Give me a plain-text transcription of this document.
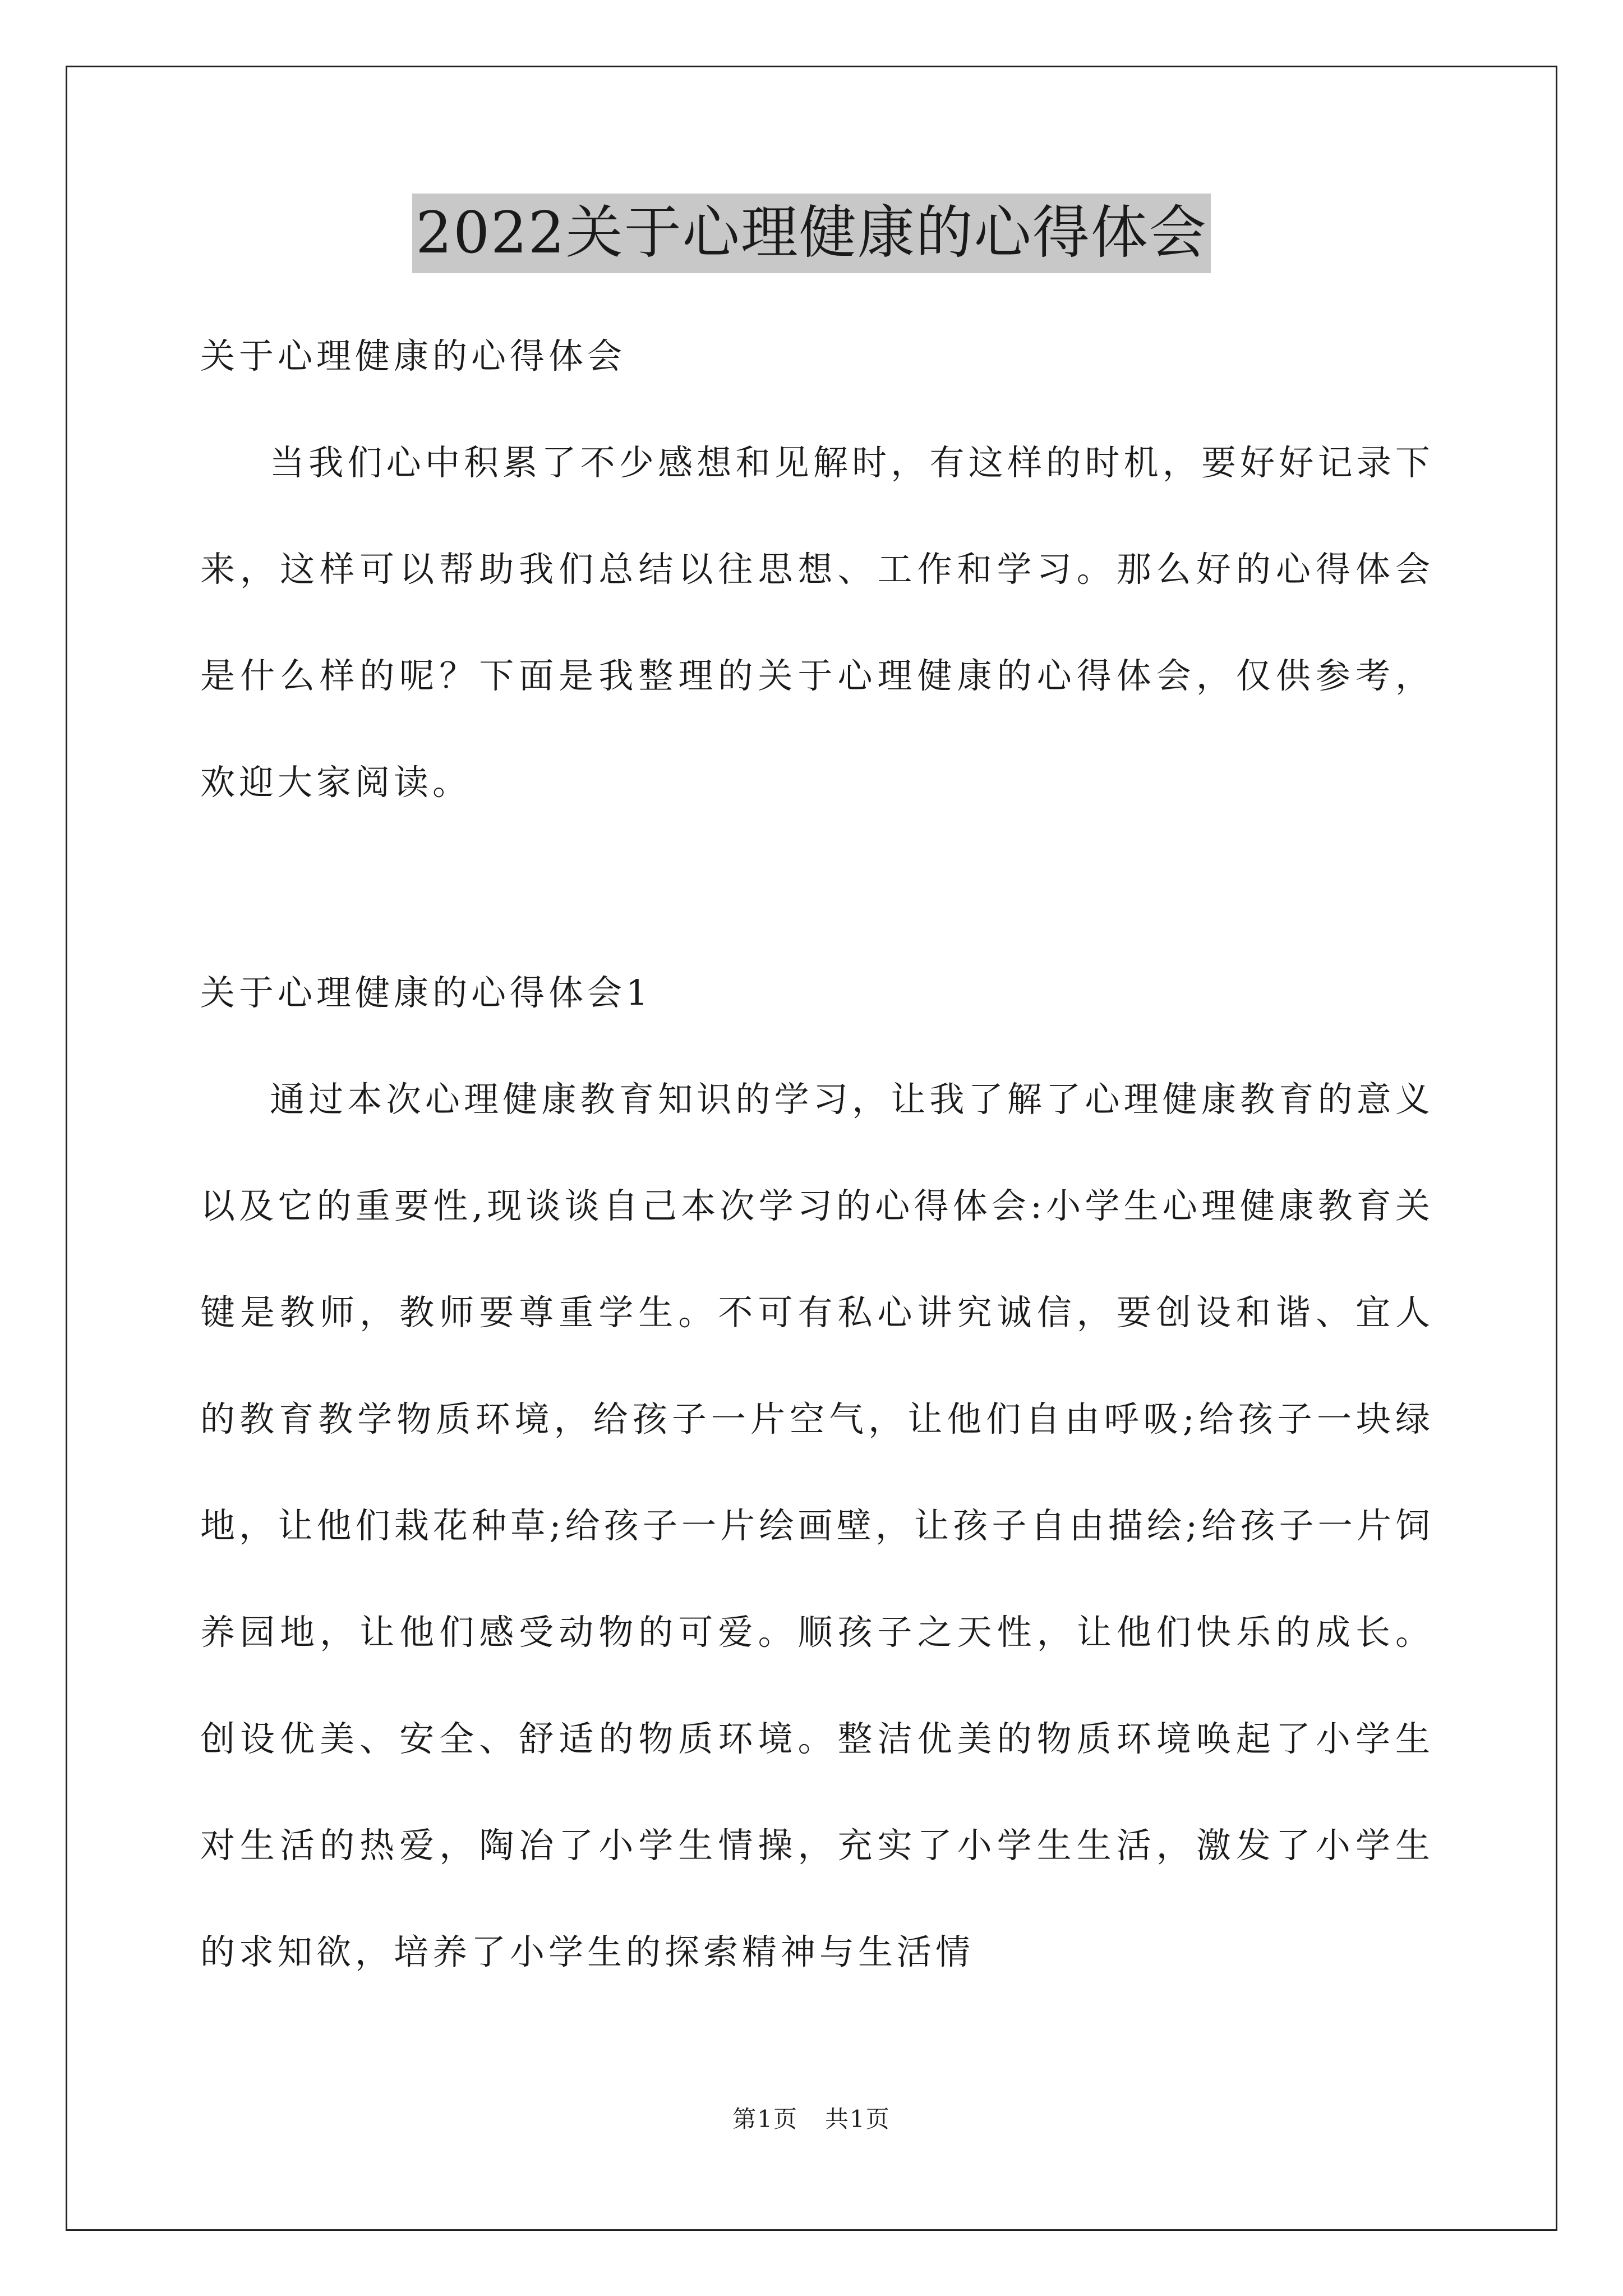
2022关于心理健康的心得体会

关于心理健康的心得体会

当我们心中积累了不少感想和见解时，有这样的时机，要好好记录下来，这样可以帮助我们总结以往思想、工作和学习。那么好的心得体会是什么样的呢？下面是我整理的关于心理健康的心得体会，仅供参考，欢迎大家阅读。

关于心理健康的心得体会1

通过本次心理健康教育知识的学习，让我了解了心理健康教育的意义以及它的重要性,现谈谈自己本次学习的心得体会:小学生心理健康教育关键是教师，教师要尊重学生。不可有私心讲究诚信，要创设和谐、宜人的教育教学物质环境，给孩子一片空气，让他们自由呼吸;给孩子一块绿地，让他们栽花种草;给孩子一片绘画壁，让孩子自由描绘;给孩子一片饲养园地，让他们感受动物的可爱。顺孩子之天性，让他们快乐的成长。创设优美、安全、舒适的物质环境。整洁优美的物质环境唤起了小学生对生活的热爱，陶冶了小学生情操，充实了小学生生活，激发了小学生的求知欲，培养了小学生的探索精神与生活情

第1页 共1页
